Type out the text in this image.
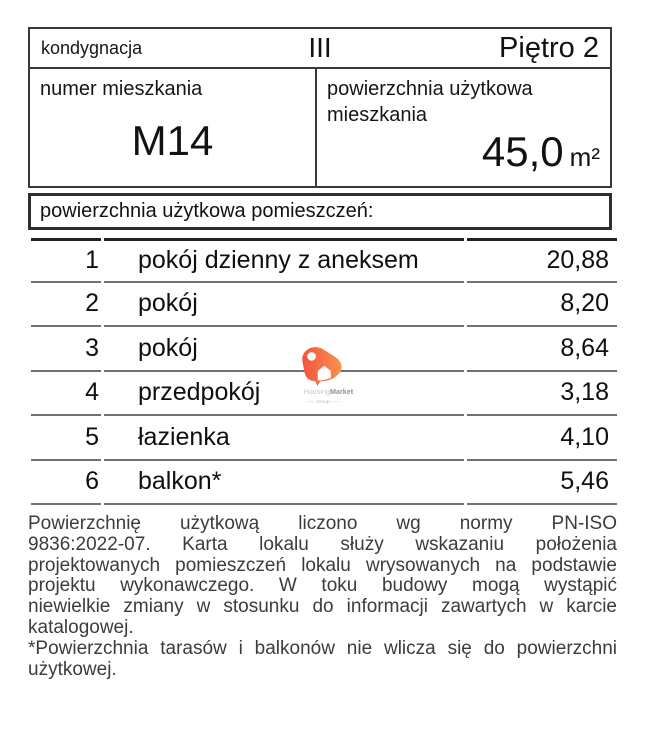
kondygnacja	III	Piętro 2
numer mieszkania
M14
powierzchnia użytkowa mieszkania
45,0 m²
powierzchnia użytkowa pomieszczeń:
1	pokój dzienny z aneksem	20,88
2	pokój	8,20
3	pokój	8,64
4	przedpokój	3,18
5	łazienka	4,10
6	balkon*	5,46
Powierzchnię użytkową liczono wg normy PN-ISO
9836:2022-07. Karta lokalu służy wskazaniu położenia
projektowanych pomieszczeń lokalu wrysowanych na podstawie
projektu wykonawczego. W toku budowy mogą wystąpić
niewielkie zmiany w stosunku do informacji zawartych w karcie
katalogowej.
*Powierzchnia tarasów i balkonów nie wlicza się do powierzchni
użytkowej.
HousingMarket
Group
